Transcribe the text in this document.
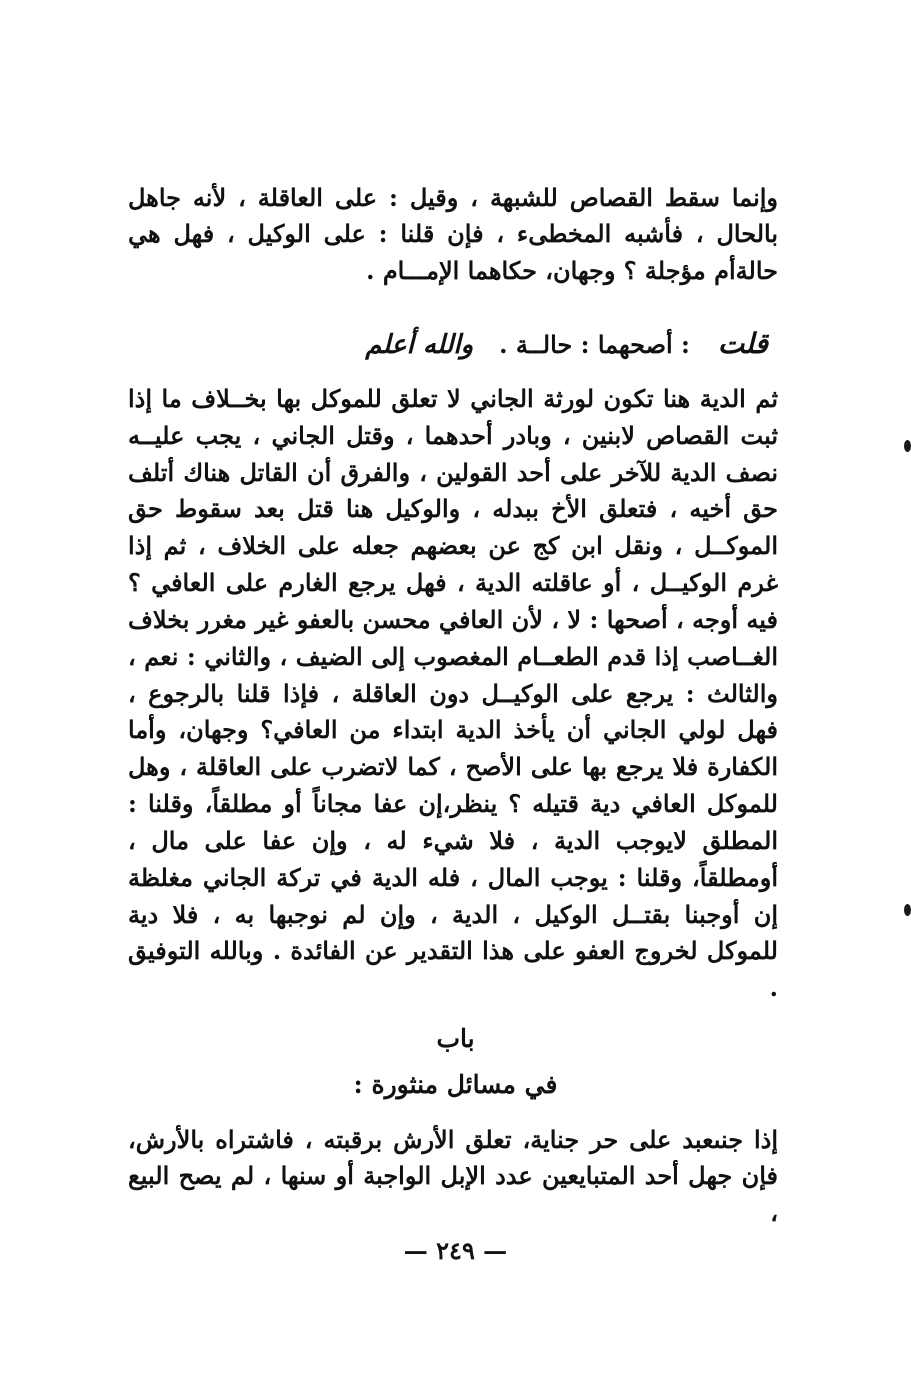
وإنما سقط القصاص للشبهة ، وقيل : على العاقلة ، لأنه جاهل بالحال ، فأشبه المخطىء ، فإن قلنا : على الوكيل ، فهل هي حالةأم مؤجلة ؟ وجهان، حكاهما الإمـــام .
قلت: أصحهما : حالــة .والله أعلم
ثم الدية هنا تكون لورثة الجاني لا تعلق للموكل بها بخــلاف ما إذا ثبت القصاص لابنين ، وبادر أحدهما ، وقتل الجاني ، يجب عليــه نصف الدية للآخر على أحد القولين ، والفرق أن القاتل هناك أتلف حق أخيه ، فتعلق الأخ ببدله ، والوكيل هنا قتل بعد سقوط حق الموكــل ، ونقل ابن كج عن بعضهم جعله على الخلاف ، ثم إذا غرم الوكيــل ، أو عاقلته الدية ، فهل يرجع الغارم على العافي ؟ فيه أوجه ، أصحها : لا ، لأن العافي محسن بالعفو غير مغرر بخلاف الغــاصب إذا قدم الطعــام المغصوب إلى الضيف ، والثاني : نعم ، والثالث : يرجع على الوكيــل دون العاقلة ، فإذا قلنا بالرجوع ، فهل لولي الجاني أن يأخذ الدية ابتداء من العافي؟ وجهان، وأما الكفارة فلا يرجع بها على الأصح ، كما لاتضرب على العاقلة ، وهل للموكل العافي دية قتيله ؟ ينظر،إن عفا مجاناً أو مطلقاً، وقلنا : المطلق لايوجب الدية ، فلا شيء له ، وإن عفا على مال ، أومطلقاً، وقلنا : يوجب المال ، فله الدية في تركة الجاني مغلظة إن أوجبنا بقتــل الوكيل ، الدية ، وإن لم نوجبها به ، فلا دية للموكل لخروج العفو على هذا التقدير عن الفائدة . وبالله التوفيق .
باب
في مسائل منثورة :
إذا جنىعبد على حر جناية، تعلق الأرش برقبته ، فاشتراه بالأرش، فإن جهل أحد المتبايعين عدد الإبل الواجبة أو سنها ، لم يصح البيع ،
— ٢٤٩ —
